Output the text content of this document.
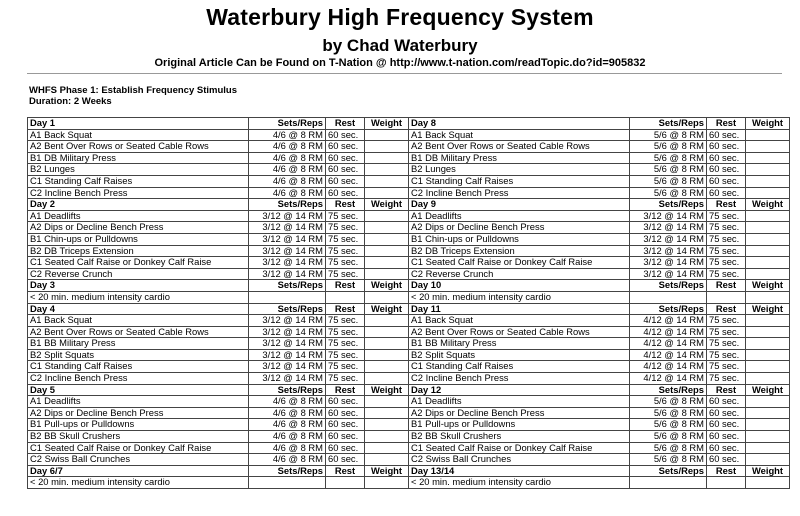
Waterbury High Frequency System
by Chad Waterbury
Original Article Can be Found on T-Nation @ http://www.t-nation.com/readTopic.do?id=905832
WHFS Phase 1: Establish Frequency Stimulus
Duration: 2 Weeks
Day 1	Sets/Reps	Rest	Weight	Day 8	Sets/Reps	Rest	Weight
A1 Back Squat	4/6 @ 8 RM	60 sec.		A1 Back Squat	5/6 @ 8 RM	60 sec.	
A2 Bent Over Rows or Seated Cable Rows	4/6 @ 8 RM	60 sec.		A2 Bent Over Rows or Seated Cable Rows	5/6 @ 8 RM	60 sec.	
B1 DB Military Press	4/6 @ 8 RM	60 sec.		B1 DB Military Press	5/6 @ 8 RM	60 sec.	
B2 Lunges	4/6 @ 8 RM	60 sec.		B2 Lunges	5/6 @ 8 RM	60 sec.	
C1 Standing Calf Raises	4/6 @ 8 RM	60 sec.		C1 Standing Calf Raises	5/6 @ 8 RM	60 sec.	
C2 Incline Bench Press	4/6 @ 8 RM	60 sec.		C2 Incline Bench Press	5/6 @ 8 RM	60 sec.	
Day 2	Sets/Reps	Rest	Weight	Day 9	Sets/Reps	Rest	Weight
A1 Deadlifts	3/12 @ 14 RM	75 sec.		A1 Deadlifts	3/12 @ 14 RM	75 sec.	
A2 Dips or Decline Bench Press	3/12 @ 14 RM	75 sec.		A2 Dips or Decline Bench Press	3/12 @ 14 RM	75 sec.	
B1 Chin-ups or Pulldowns	3/12 @ 14 RM	75 sec.		B1 Chin-ups or Pulldowns	3/12 @ 14 RM	75 sec.	
B2 DB Triceps Extension	3/12 @ 14 RM	75 sec.		B2 DB Triceps Extension	3/12 @ 14 RM	75 sec.	
C1 Seated Calf Raise or Donkey Calf Raise	3/12 @ 14 RM	75 sec.		C1 Seated Calf Raise or Donkey Calf Raise	3/12 @ 14 RM	75 sec.	
C2 Reverse Crunch	3/12 @ 14 RM	75 sec.		C2 Reverse Crunch	3/12 @ 14 RM	75 sec.	
Day 3	Sets/Reps	Rest	Weight	Day 10	Sets/Reps	Rest	Weight
< 20 min. medium intensity cardio				< 20 min. medium intensity cardio			
Day 4	Sets/Reps	Rest	Weight	Day 11	Sets/Reps	Rest	Weight
A1 Back Squat	3/12 @ 14 RM	75 sec.		A1 Back Squat	4/12 @ 14 RM	75 sec.	
A2 Bent Over Rows or Seated Cable Rows	3/12 @ 14 RM	75 sec.		A2 Bent Over Rows or Seated Cable Rows	4/12 @ 14 RM	75 sec.	
B1 BB Military Press	3/12 @ 14 RM	75 sec.		B1 BB Military Press	4/12 @ 14 RM	75 sec.	
B2 Split Squats	3/12 @ 14 RM	75 sec.		B2 Split Squats	4/12 @ 14 RM	75 sec.	
C1 Standing Calf Raises	3/12 @ 14 RM	75 sec.		C1 Standing Calf Raises	4/12 @ 14 RM	75 sec.	
C2 Incline Bench Press	3/12 @ 14 RM	75 sec.		C2 Incline Bench Press	4/12 @ 14 RM	75 sec.	
Day 5	Sets/Reps	Rest	Weight	Day 12	Sets/Reps	Rest	Weight
A1 Deadlifts	4/6 @ 8 RM	60 sec.		A1 Deadlifts	5/6 @ 8 RM	60 sec.	
A2 Dips or Decline Bench Press	4/6 @ 8 RM	60 sec.		A2 Dips or Decline Bench Press	5/6 @ 8 RM	60 sec.	
B1 Pull-ups or Pulldowns	4/6 @ 8 RM	60 sec.		B1 Pull-ups or Pulldowns	5/6 @ 8 RM	60 sec.	
B2 BB Skull Crushers	4/6 @ 8 RM	60 sec.		B2 BB Skull Crushers	5/6 @ 8 RM	60 sec.	
C1 Seated Calf Raise or Donkey Calf Raise	4/6 @ 8 RM	60 sec.		C1 Seated Calf Raise or Donkey Calf Raise	5/6 @ 8 RM	60 sec.	
C2 Swiss Ball Crunches	4/6 @ 8 RM	60 sec.		C2 Swiss Ball Crunches	5/6 @ 8 RM	60 sec.	
Day 6/7	Sets/Reps	Rest	Weight	Day 13/14	Sets/Reps	Rest	Weight
< 20 min. medium intensity cardio				< 20 min. medium intensity cardio			
